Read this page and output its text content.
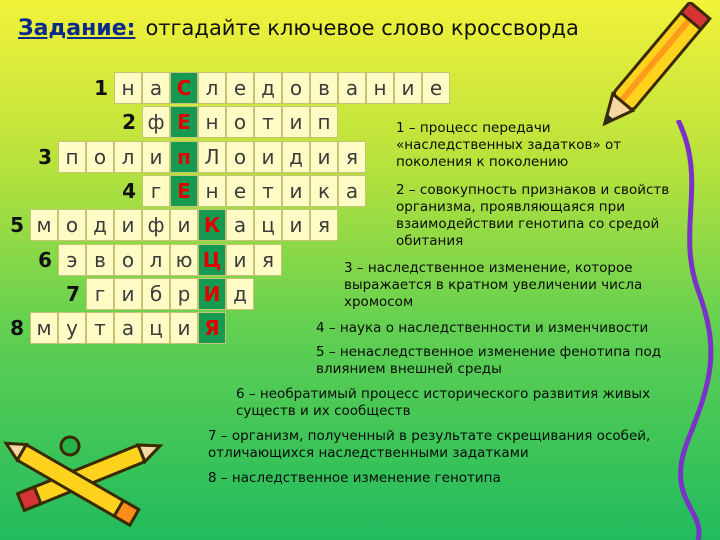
Задание: отгадайте ключевое слово кроссворда
1 н а С л е д о в а н и е
2 ф Е н о т и п
3 п о л и п Л о и д и я
4 г Е н е т и к а
5 м о д и ф и К а ц и я
6 э в о л ю Ц и я
7 г и б р И д
8 м у т а ц и Я
1 – процесс передачи
«наследственных задатков» от
поколения к поколению
2 – совокупность признаков и свойств
организма, проявляющаяся при
взаимодействии генотипа со средой
обитания
3 – наследственное изменение, которое
выражается в кратном увеличении числа
хромосом
4 – наука о наследственности и изменчивости
5 – ненаследственное изменение фенотипа под
влиянием внешней среды
6 – необратимый процесс исторического развития живых
существ и их сообществ
7 – организм, полученный в результате скрещивания особей,
отличающихся наследственными задатками
8 – наследственное изменение генотипа
